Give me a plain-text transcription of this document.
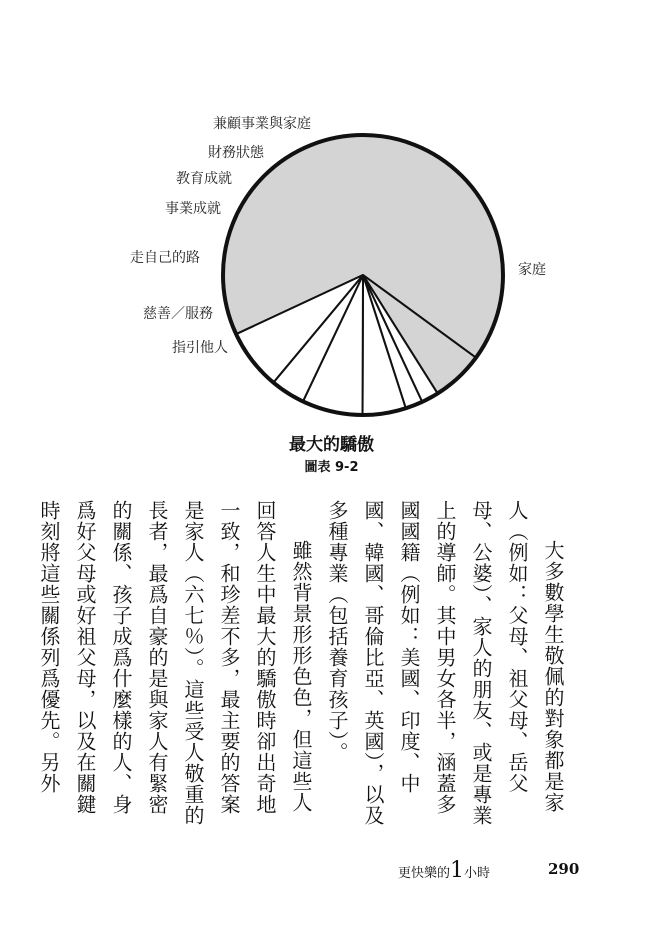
家庭
兼顧事業與家庭
財務狀態
教育成就
事業成就
走自己的路
慈善／服務
指引他人
最大的驕傲
圖表 9-2

大多數學生敬佩的對象都是家人（例如：父母、祖父母、岳父母、公婆）、家人的朋友、或是專業上的導師。其中男女各半，涵蓋多國國籍（例如：美國、印度、中國、韓國、哥倫比亞、英國），以及多種專業（包括養育孩子）。

雖然背景形形色色，但這些人回答人生中最大的驕傲時卻出奇地一致，和珍差不多，最主要的答案是家人（六七％）。這些受人敬重的長者，最爲自豪的是與家人有緊密的關係、孩子成爲什麼樣的人、身爲好父母或好祖父母，以及在關鍵時刻將這些關係列爲優先。另外

更快樂的1小時	290
